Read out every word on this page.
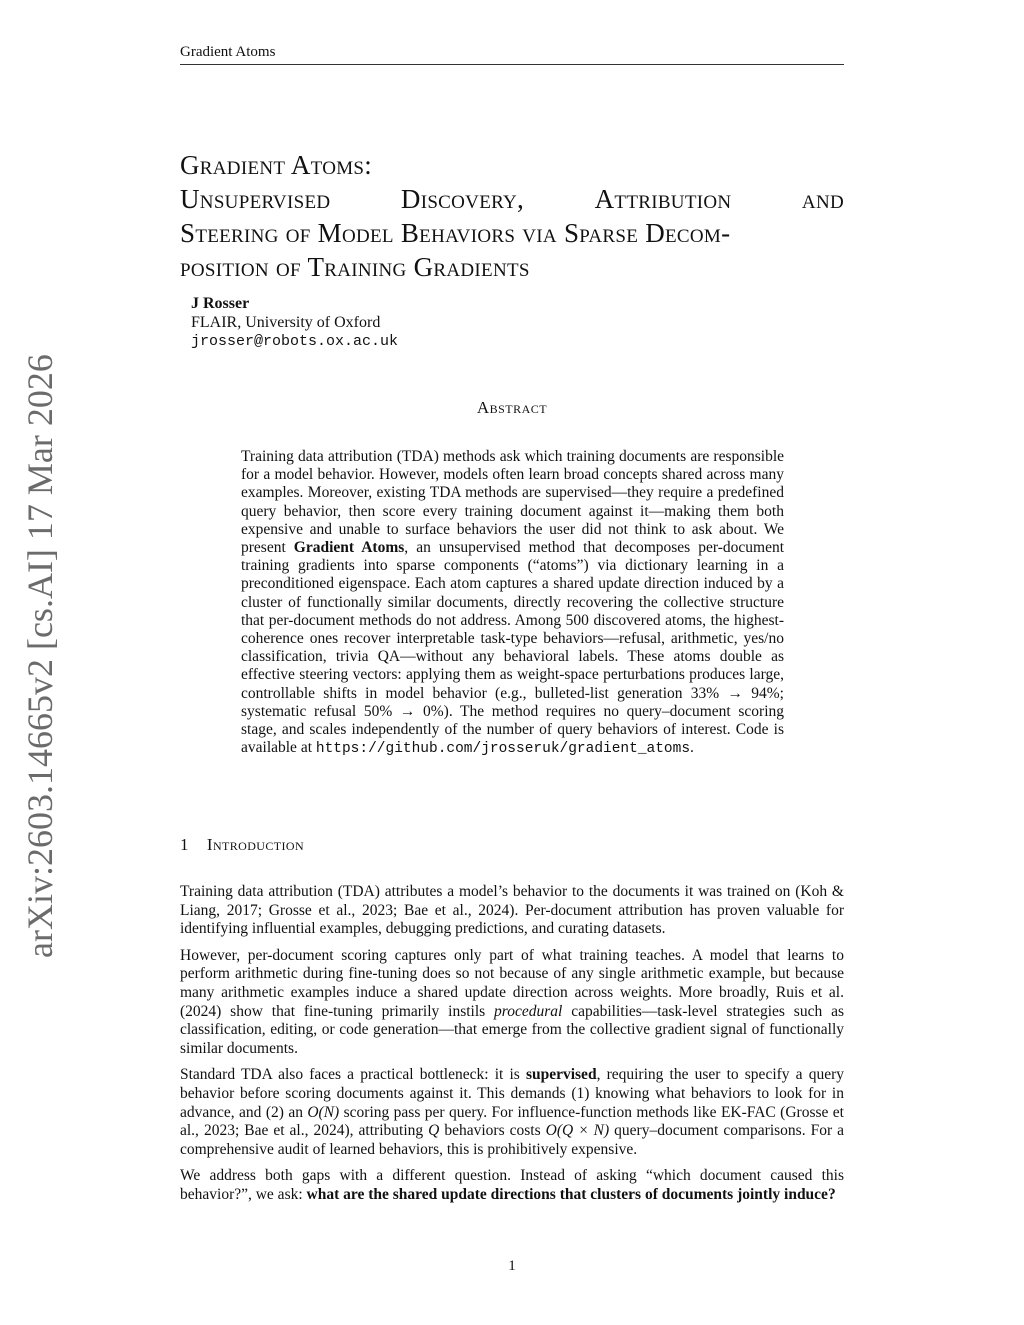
Gradient Atoms
Gradient Atoms:
Unsupervised	Discovery,	Attribution	and
Steering of Model Behaviors via Sparse Decom-
position of Training Gradients
J Rosser
FLAIR, University of Oxford
jrosser@robots.ox.ac.uk
arXiv:2603.14665v2 [cs.AI] 17 Mar 2026	Abstract
Training data attribution (TDA) methods ask which training documents are responsible for a model behavior. However, models often learn broad concepts shared across many examples. Moreover, existing TDA methods are supervised—they require a predefined query behavior, then score every training document against it—making them both expensive and unable to surface behaviors the user did not think to ask about. We present Gradient Atoms, an unsupervised method that decomposes per-document training gradients into sparse components (“atoms”) via dictionary learning in a preconditioned eigenspace. Each atom captures a shared update direction induced by a cluster of functionally similar documents, directly recovering the collective structure that per-document methods do not address. Among 500 discovered atoms, the highest-coherence ones recover interpretable task-type behaviors—refusal, arithmetic, yes/no classification, trivia QA—without any behavioral labels. These atoms double as effective steering vectors: applying them as weight-space perturbations produces large, controllable shifts in model behavior (e.g., bulleted-list generation 33% → 94%; systematic refusal 50% → 0%). The method requires no query–document scoring stage, and scales independently of the number of query behaviors of interest. Code is available at https://github.com/jrosseruk/gradient_atoms.
1 Introduction

Training data attribution (TDA) attributes a model’s behavior to the documents it was trained on (Koh & Liang, 2017; Grosse et al., 2023; Bae et al., 2024). Per-document attribution has proven valuable for identifying influential examples, debugging predictions, and curating datasets.

However, per-document scoring captures only part of what training teaches. A model that learns to perform arithmetic during fine-tuning does so not because of any single arithmetic example, but because many arithmetic examples induce a shared update direction across weights. More broadly, Ruis et al. (2024) show that fine-tuning primarily instils procedural capabilities—task-level strategies such as classification, editing, or code generation—that emerge from the collective gradient signal of functionally similar documents.

Standard TDA also faces a practical bottleneck: it is supervised, requiring the user to specify a query behavior before scoring documents against it. This demands (1) knowing what behaviors to look for in advance, and (2) an O(N) scoring pass per query. For influence-function methods like EK-FAC (Grosse et al., 2023; Bae et al., 2024), attributing Q behaviors costs O(Q × N) query–document comparisons. For a comprehensive audit of learned behaviors, this is prohibitively expensive.

We address both gaps with a different question. Instead of asking “which document caused this behavior?”, we ask: what are the shared update directions that clusters of documents jointly induce?

1
